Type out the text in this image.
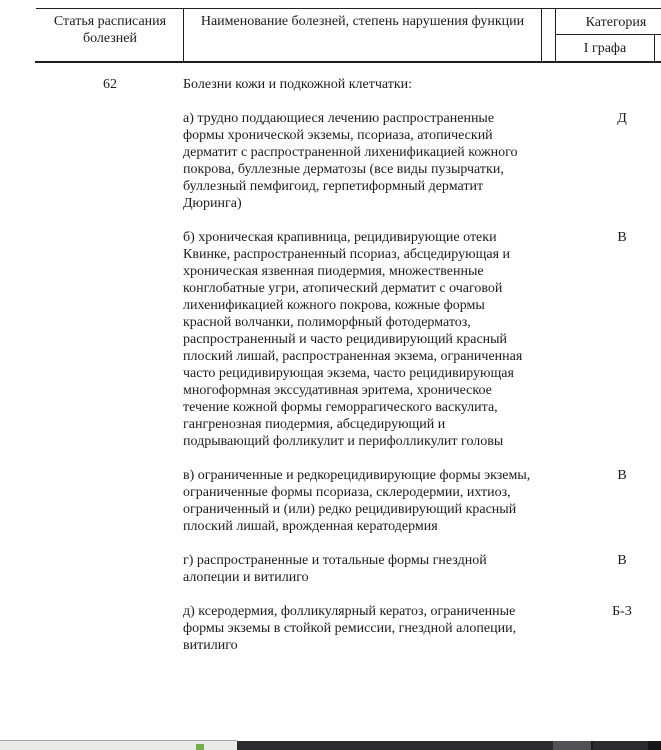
Статья расписания болезней
Наименование болезней, степень нарушения функции	Категория
I графа
62	Болезни кожи и подкожной клетчатки:
а) трудно поддающиеся лечению распространенные формы хронической экземы, псориаза, атопический дерматит с распространенной лихенификацией кожного покрова, буллезные дерматозы (все виды пузырчатки, буллезный пемфигоид, герпетиформный дерматит Дюринга)
Д
б) хроническая крапивница, рецидивирующие отеки Квинке, распространенный псориаз, абсцедирующая и хроническая язвенная пиодермия, множественные конглобатные угри, атопический дерматит с очаговой лихенификацией кожного покрова, кожные формы красной волчанки, полиморфный фотодерматоз, распространенный и часто рецидивирующий красный плоский лишай, распространенная экзема, ограниченная часто рецидивирующая экзема, часто рецидивирующая многоформная экссудативная эритема, хроническое течение кожной формы геморрагического васкулита, гангренозная пиодермия, абсцедирующий и подрывающий фолликулит и перифолликулит головы
В
в) ограниченные и редкорецидивирующие формы экземы, ограниченные формы псориаза, склеродермии, ихтиоз, ограниченный и (или) редко рецидивирующий красный плоский лишай, врожденная кератодермия
В
г) распространенные и тотальные формы гнездной алопеции и витилиго
В
д) ксеродермия, фолликулярный кератоз, ограниченные формы экземы в стойкой ремиссии, гнездной алопеции, витилиго
Б-3
